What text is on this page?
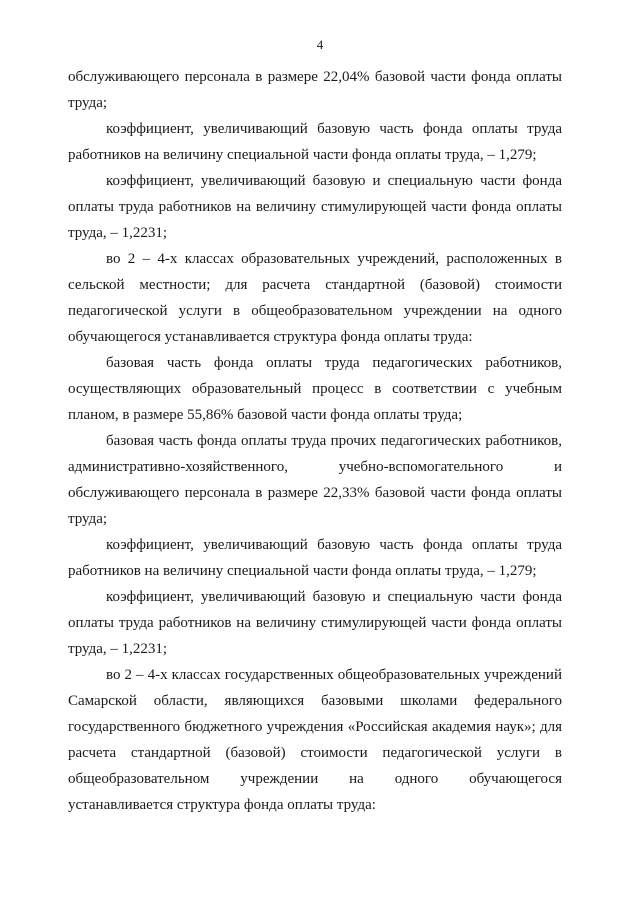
4

обслуживающего персонала в размере 22,04% базовой части фонда оплаты труда;

коэффициент, увеличивающий базовую часть фонда оплаты труда работников на величину специальной части фонда оплаты труда, – 1,279;

коэффициент, увеличивающий базовую и специальную части фонда оплаты труда работников на величину стимулирующей части фонда оплаты труда, – 1,2231;

во 2 – 4-х классах образовательных учреждений, расположенных в сельской местности; для расчета стандартной (базовой) стоимости педагогической услуги в общеобразовательном учреждении на одного обучающегося устанавливается структура фонда оплаты труда:

базовая часть фонда оплаты труда педагогических работников, осуществляющих образовательный процесс в соответствии с учебным планом, в размере 55,86% базовой части фонда оплаты труда;

базовая часть фонда оплаты труда прочих педагогических работников, административно-хозяйственного, учебно-вспомогательного и обслуживающего персонала в размере 22,33% базовой части фонда оплаты труда;

коэффициент, увеличивающий базовую часть фонда оплаты труда работников на величину специальной части фонда оплаты труда, – 1,279;

коэффициент, увеличивающий базовую и специальную части фонда оплаты труда работников на величину стимулирующей части фонда оплаты труда, – 1,2231;

во 2 – 4-х классах государственных общеобразовательных учреждений Самарской области, являющихся базовыми школами федерального государственного бюджетного учреждения «Российская академия наук»; для расчета стандартной (базовой) стоимости педагогической услуги в общеобразовательном учреждении на одного обучающегося устанавливается структура фонда оплаты труда:
